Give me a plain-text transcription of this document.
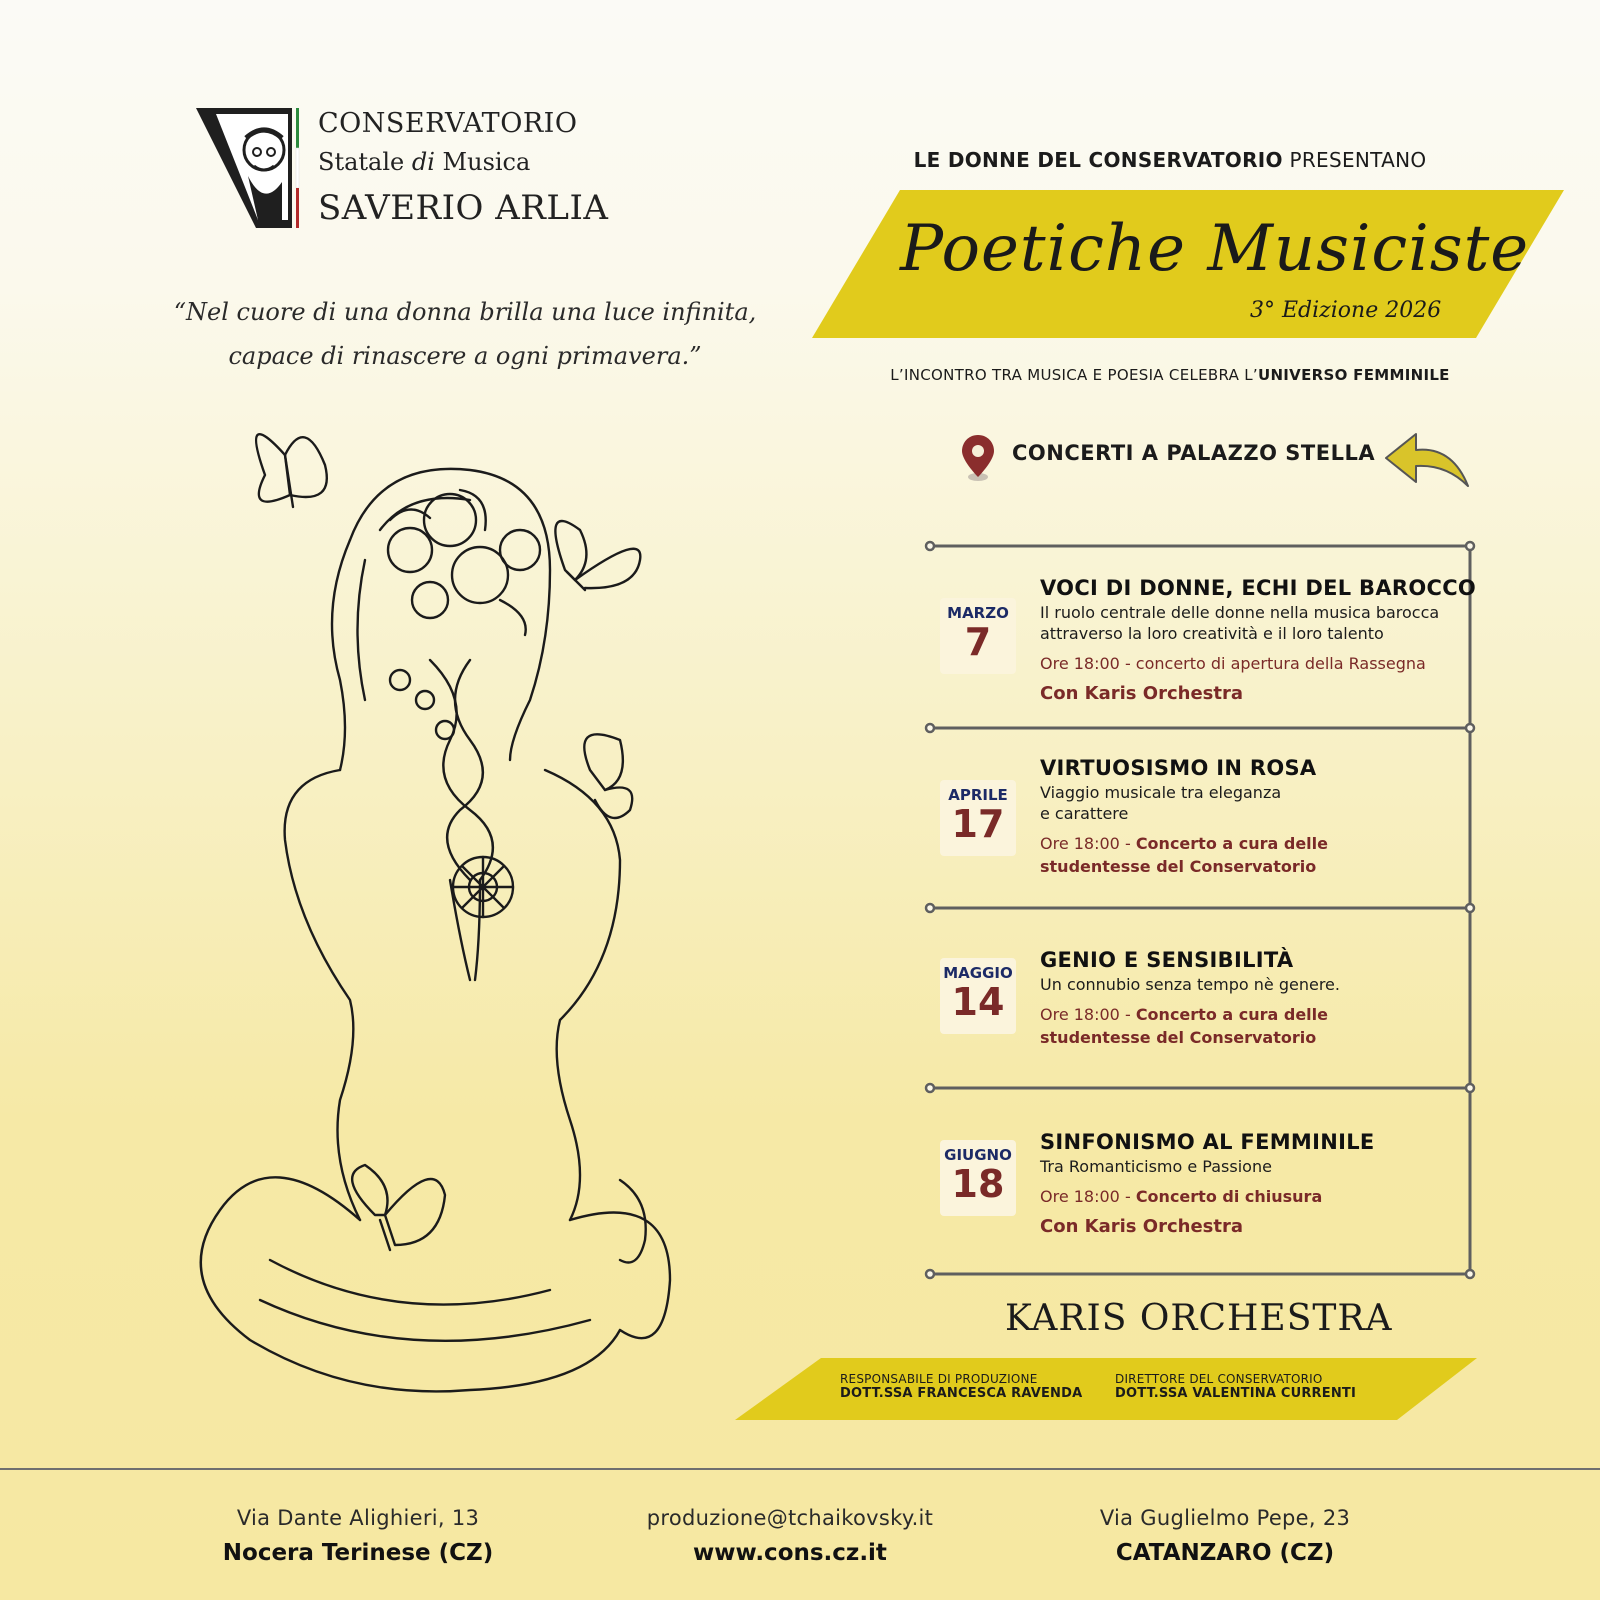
CONSERVATORIO
Statale di Musica
SAVERIO ARLIA
“Nel cuore di una donna brilla una luce infinita,
capace di rinascere a ogni primavera.”
LE DONNE DEL CONSERVATORIO PRESENTANO
Poetiche Musiciste
3° Edizione 2026
L’INCONTRO TRA MUSICA E POESIA CELEBRA L’UNIVERSO FEMMINILE
CONCERTI A PALAZZO STELLA
MARZO
7
VOCI DI DONNE, ECHI DEL BAROCCO
Il ruolo centrale delle donne nella musica barocca
attraverso la loro creatività e il loro talento
Ore 18:00 - concerto di apertura della Rassegna
Con Karis Orchestra
APRILE
17
VIRTUOSISMO IN ROSA
Viaggio musicale tra eleganza
e carattere
Ore 18:00 - Concerto a cura delle
studentesse del Conservatorio
MAGGIO
14
GENIO E SENSIBILITÀ
Un connubio senza tempo nè genere.
Ore 18:00 - Concerto a cura delle
studentesse del Conservatorio
GIUGNO
18
SINFONISMO AL FEMMINILE
Tra Romanticismo e Passione
Ore 18:00 - Concerto di chiusura
Con Karis Orchestra
KARIS ORCHESTRA
RESPONSABILE DI PRODUZIONE
DOTT.SSA FRANCESCA RAVENDA
DIRETTORE DEL CONSERVATORIO
DOTT.SSA VALENTINA CURRENTI
Via Dante Alighieri, 13
Nocera Terinese (CZ)
produzione@tchaikovsky.it
www.cons.cz.it
Via Guglielmo Pepe, 23
CATANZARO (CZ)
